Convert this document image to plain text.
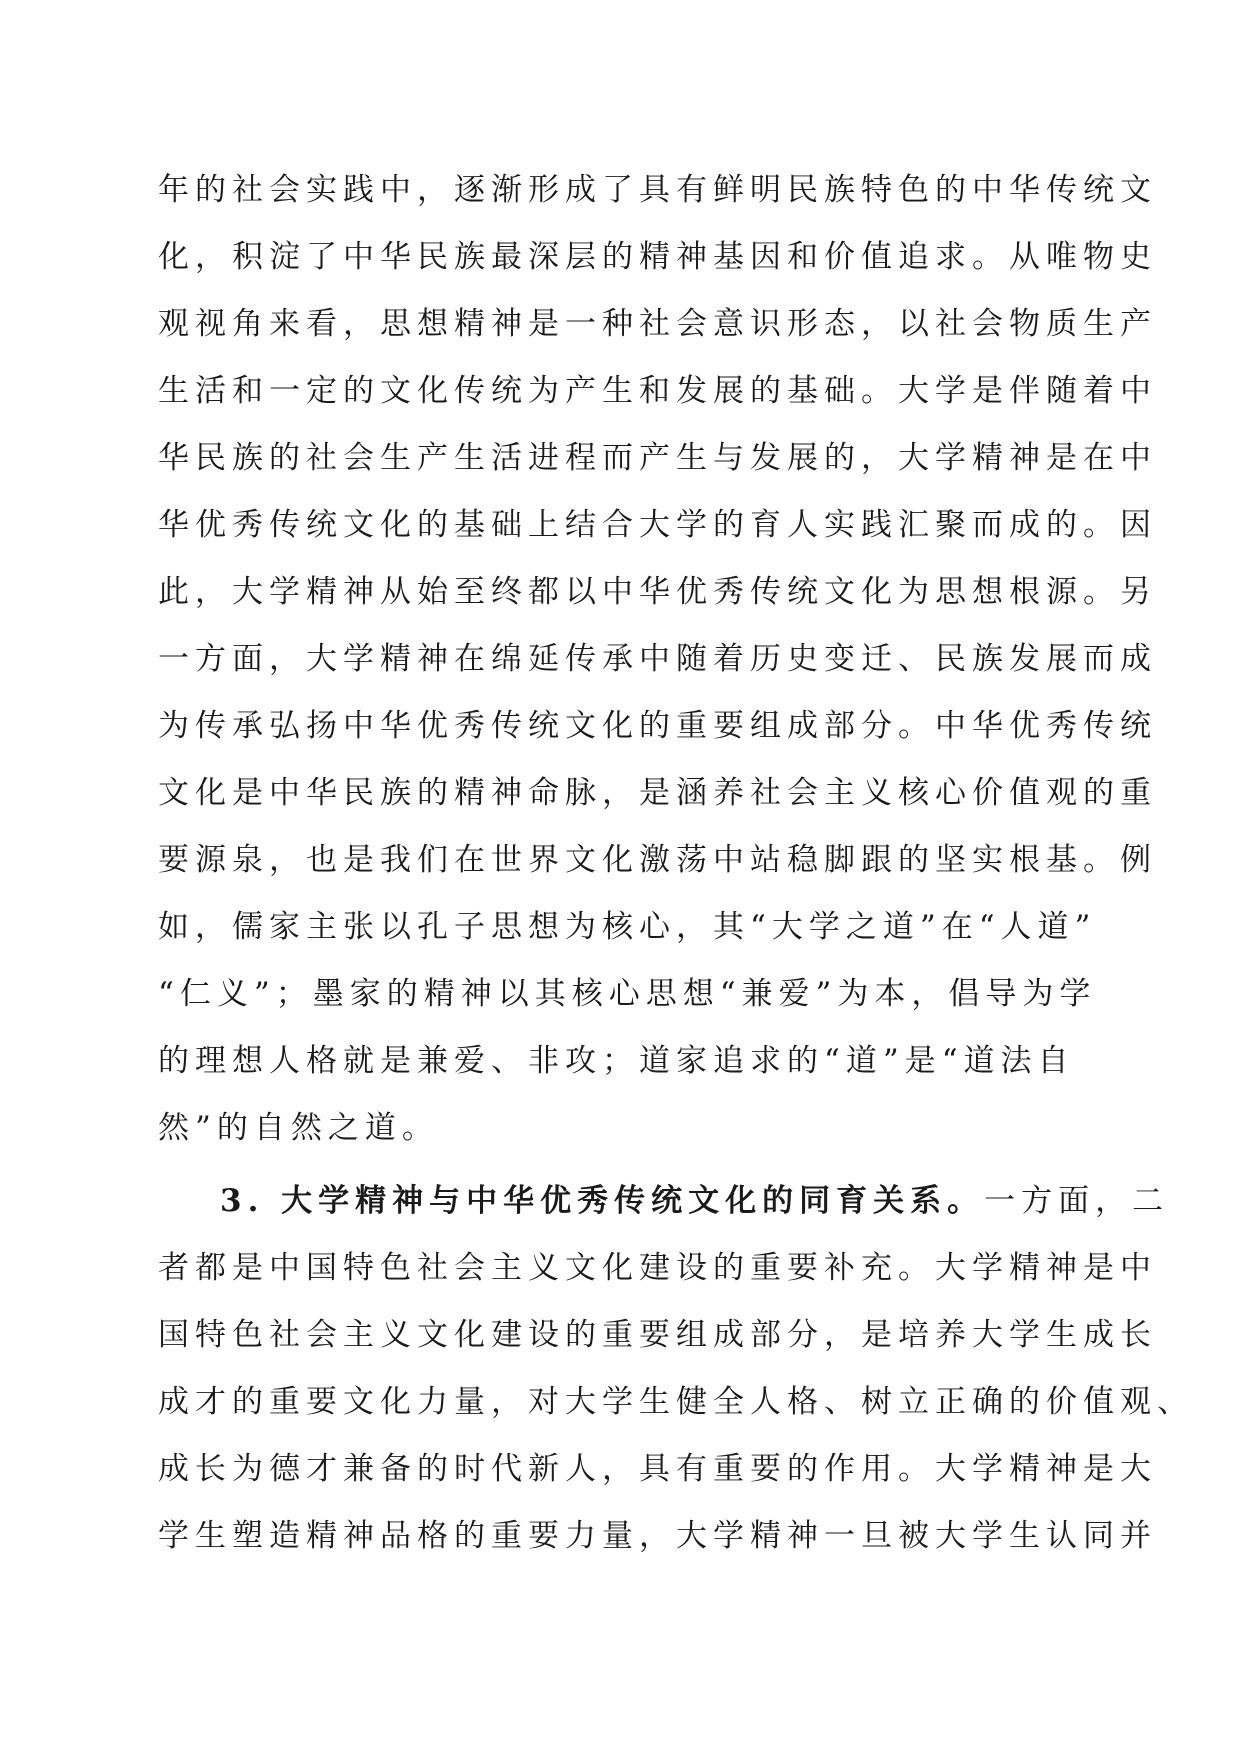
年的社会实践中，逐渐形成了具有鲜明民族特色的中华传统文
化，积淀了中华民族最深层的精神基因和价值追求。从唯物史
观视角来看，思想精神是一种社会意识形态，以社会物质生产
生活和一定的文化传统为产生和发展的基础。大学是伴随着中
华民族的社会生产生活进程而产生与发展的，大学精神是在中
华优秀传统文化的基础上结合大学的育人实践汇聚而成的。因
此，大学精神从始至终都以中华优秀传统文化为思想根源。另
一方面，大学精神在绵延传承中随着历史变迁、民族发展而成
为传承弘扬中华优秀传统文化的重要组成部分。中华优秀传统
文化是中华民族的精神命脉，是涵养社会主义核心价值观的重
要源泉，也是我们在世界文化激荡中站稳脚跟的坚实根基。例
如，儒家主张以孔子思想为核心，其“大学之道”在“人道”
“仁义”；墨家的精神以其核心思想“兼爱”为本，倡导为学
的理想人格就是兼爱、非攻；道家追求的“道”是“道法自
然”的自然之道。
3. 大学精神与中华优秀传统文化的同育关系。一方面，二
者都是中国特色社会主义文化建设的重要补充。大学精神是中
国特色社会主义文化建设的重要组成部分，是培养大学生成长
成才的重要文化力量，对大学生健全人格、树立正确的价值观、
成长为德才兼备的时代新人，具有重要的作用。大学精神是大
学生塑造精神品格的重要力量，大学精神一旦被大学生认同并
